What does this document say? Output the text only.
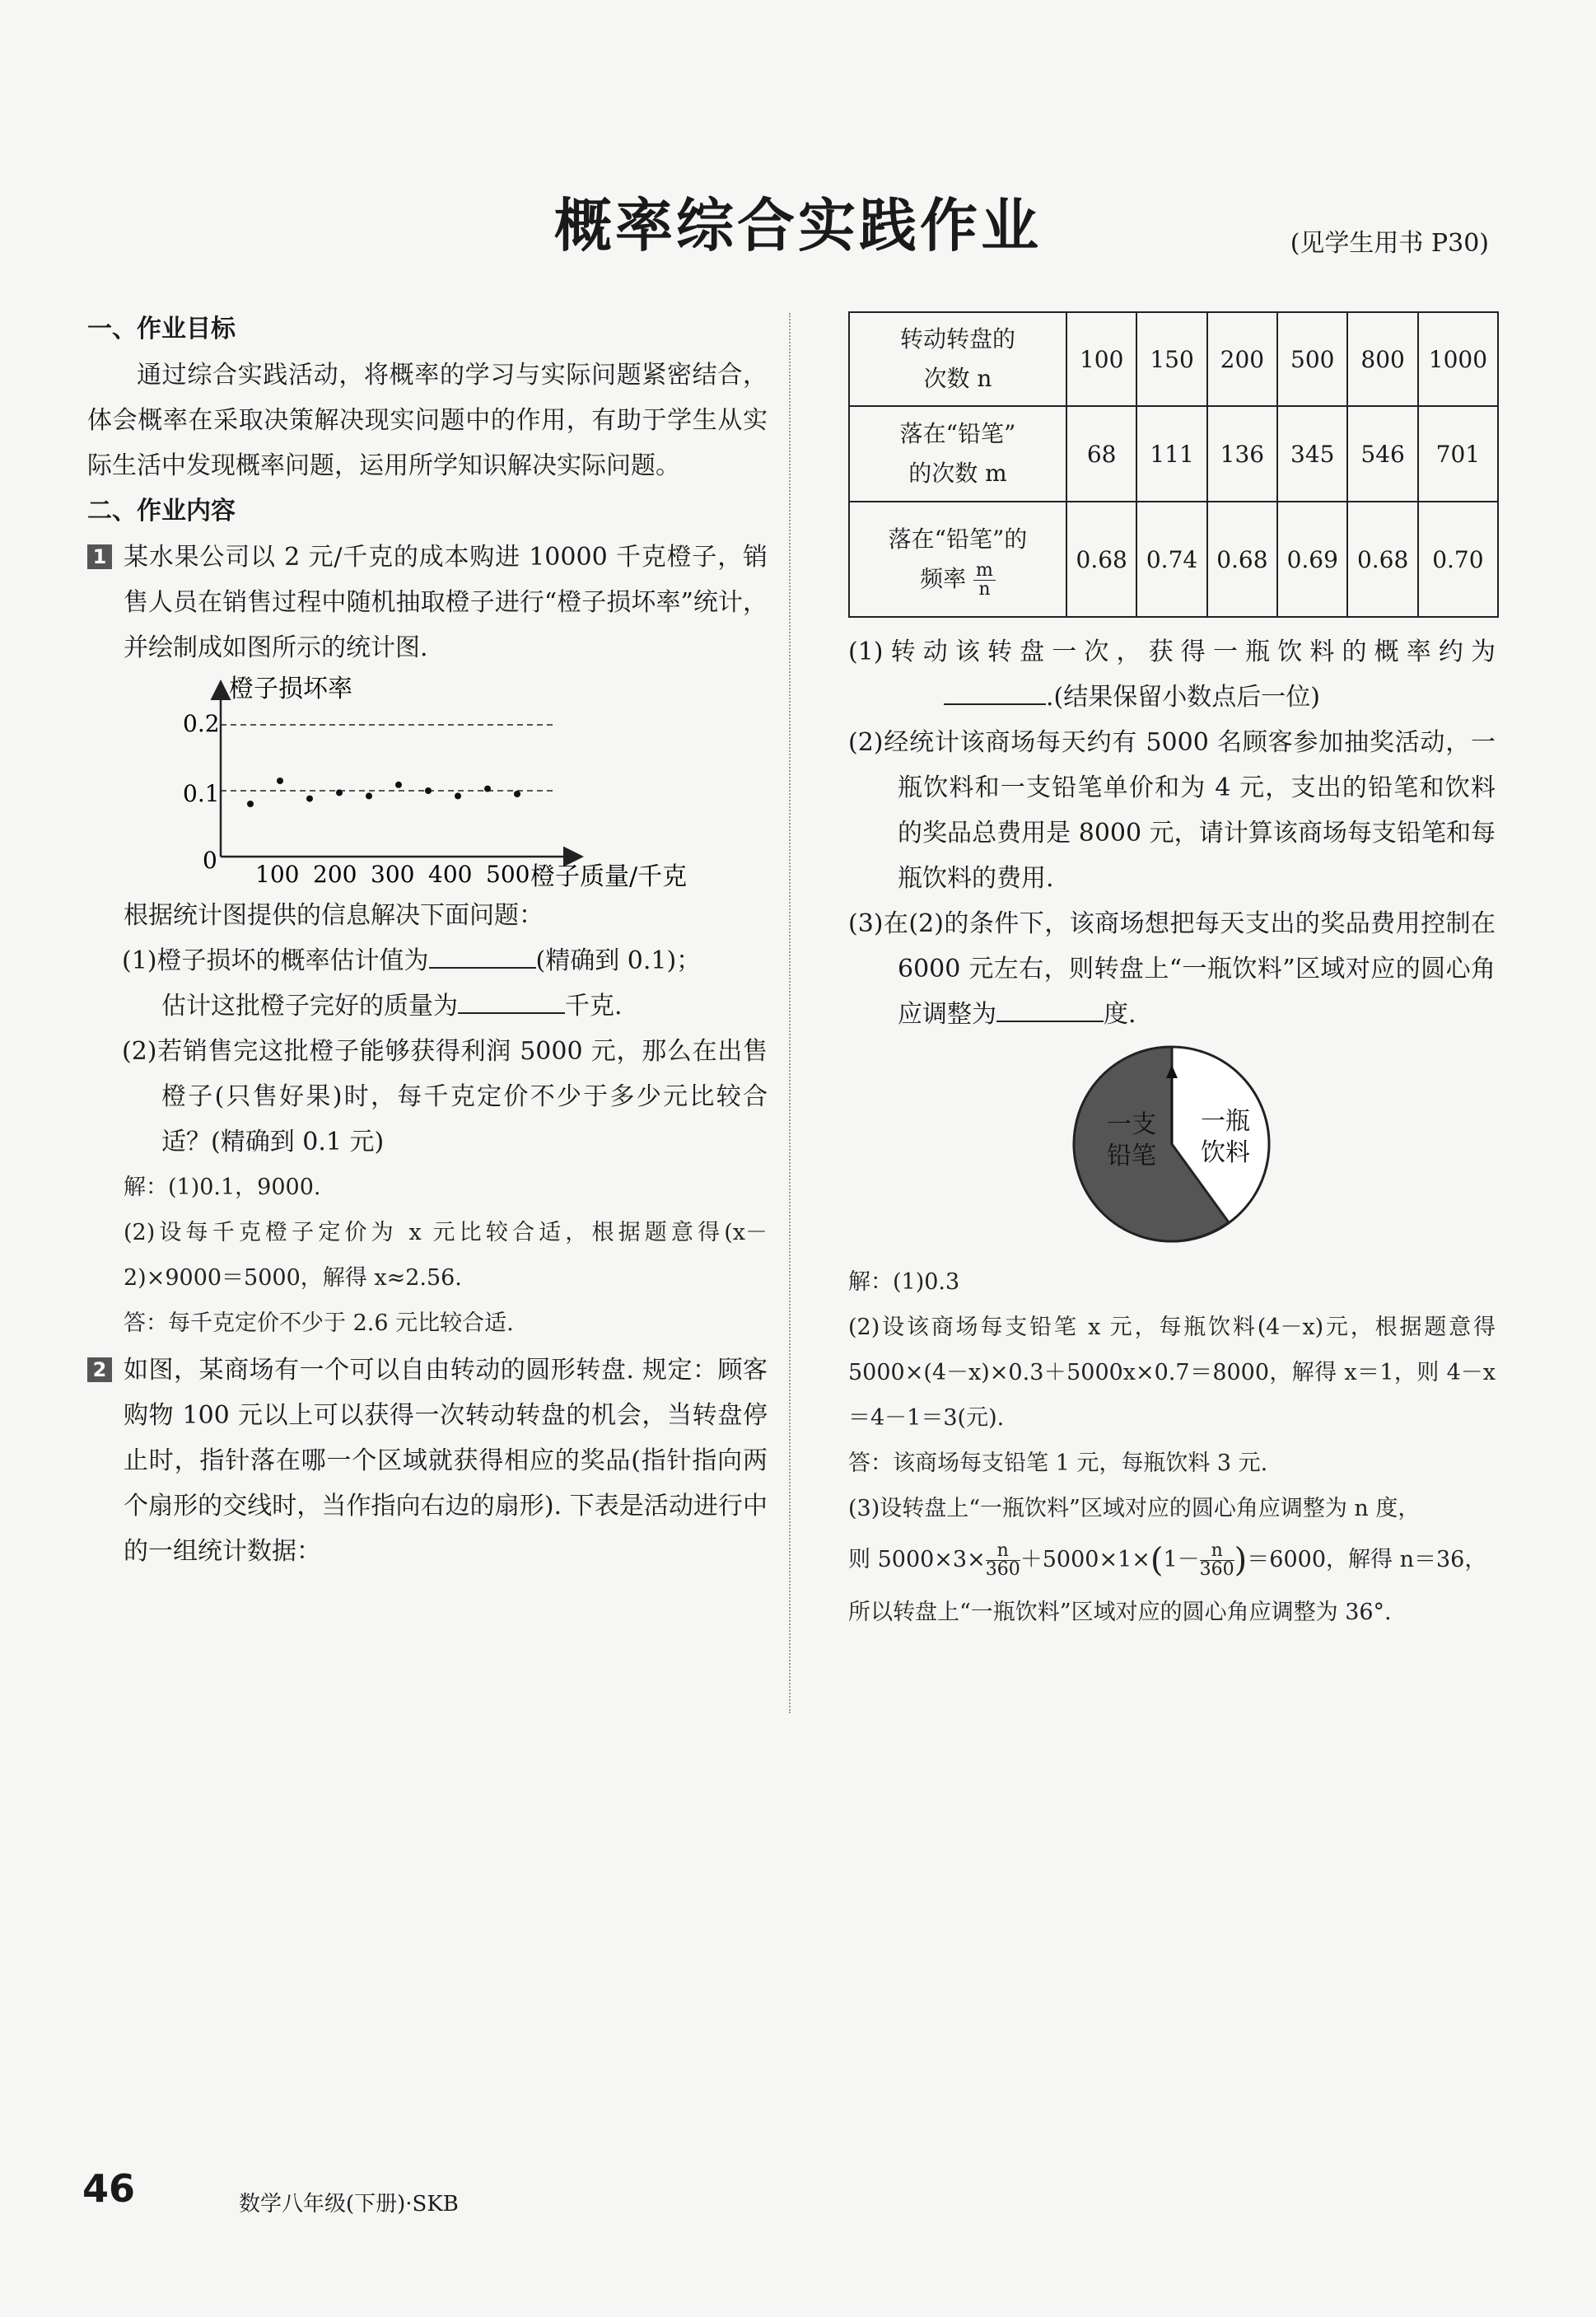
概率综合实践作业	(见学生用书 P30)

一、作业目标

通过综合实践活动，将概率的学习与实际问题紧密结合，体会概率在采取决策解决现实问题中的作用，有助于学生从实际生活中发现概率问题，运用所学知识解决实际问题。

二、作业内容

1 某水果公司以 2 元/千克的成本购进 10000 千克橙子，销售人员在销售过程中随机抽取橙子进行“橙子损坏率”统计，并绘制成如图所示的统计图.
橙子损坏率
橙子质量/千克
0
0.2
0.1
100 200 300 400 500

根据统计图提供的信息解决下面问题：

(1)橙子损坏的概率估计值为	(精确到 0.1)；
估计这批橙子完好的质量为	千克.

(2)若销售完这批橙子能够获得利润 5000 元，那么在出售橙子(只售好果)时，每千克定价不少于多少元比较合适？(精确到 0.1 元)

解：(1)0.1，9000.

(2)设每千克橙子定价为 x 元比较合适，根据题意得(x－2)×9000＝5000，解得 x≈2.56.

答：每千克定价不少于 2.6 元比较合适.

2 如图，某商场有一个可以自由转动的圆形转盘. 规定：顾客购物 100 元以上可以获得一次转动转盘的机会，当转盘停止时，指针落在哪一个区域就获得相应的奖品(指针指向两个扇形的交线时，当作指向右边的扇形). 下表是活动进行中的一组统计数据：
转动转盘的
次数 n	100	150	200	500	800	1000

落在“铅笔”
的次数 m	68	111	136	345	546	701

落在“铅笔”的
频率 $\frac{m}{n}$	0.68	0.74	0.68	0.69	0.68	0.70
(1)转动该转盘一次，获得一瓶饮料的概率约为 .(结果保留小数点后一位)

(2)经统计该商场每天约有 5000 名顾客参加抽奖活动，一瓶饮料和一支铅笔单价和为 4 元，支出的铅笔和饮料的奖品总费用是 8000 元，请计算该商场每支铅笔和每瓶饮料的费用.

(3)在(2)的条件下，该商场想把每天支出的奖品费用控制在 6000 元左右，则转盘上“一瓶饮料”区域对应的圆心角应调整为	度.
一支
铅笔
一瓶
饮料

解：(1)0.3

(2)设该商场每支铅笔 x 元，每瓶饮料(4－x)元，根据题意得 5000×(4－x)×0.3＋5000x×0.7＝8000，解得 x＝1，则 4－x＝4－1＝3(元).

答：该商场每支铅笔 1 元，每瓶饮料 3 元.

(3)设转盘上“一瓶饮料”区域对应的圆心角应调整为 n 度，

则 $5000\times 3\times \frac{n}{360} +5000\times 1\times(1- \frac{n}{360} )=6000$，解得 n＝36，

所以转盘上“一瓶饮料”区域对应的圆心角应调整为 36°.

46	数学八年级(下册)·SKB
